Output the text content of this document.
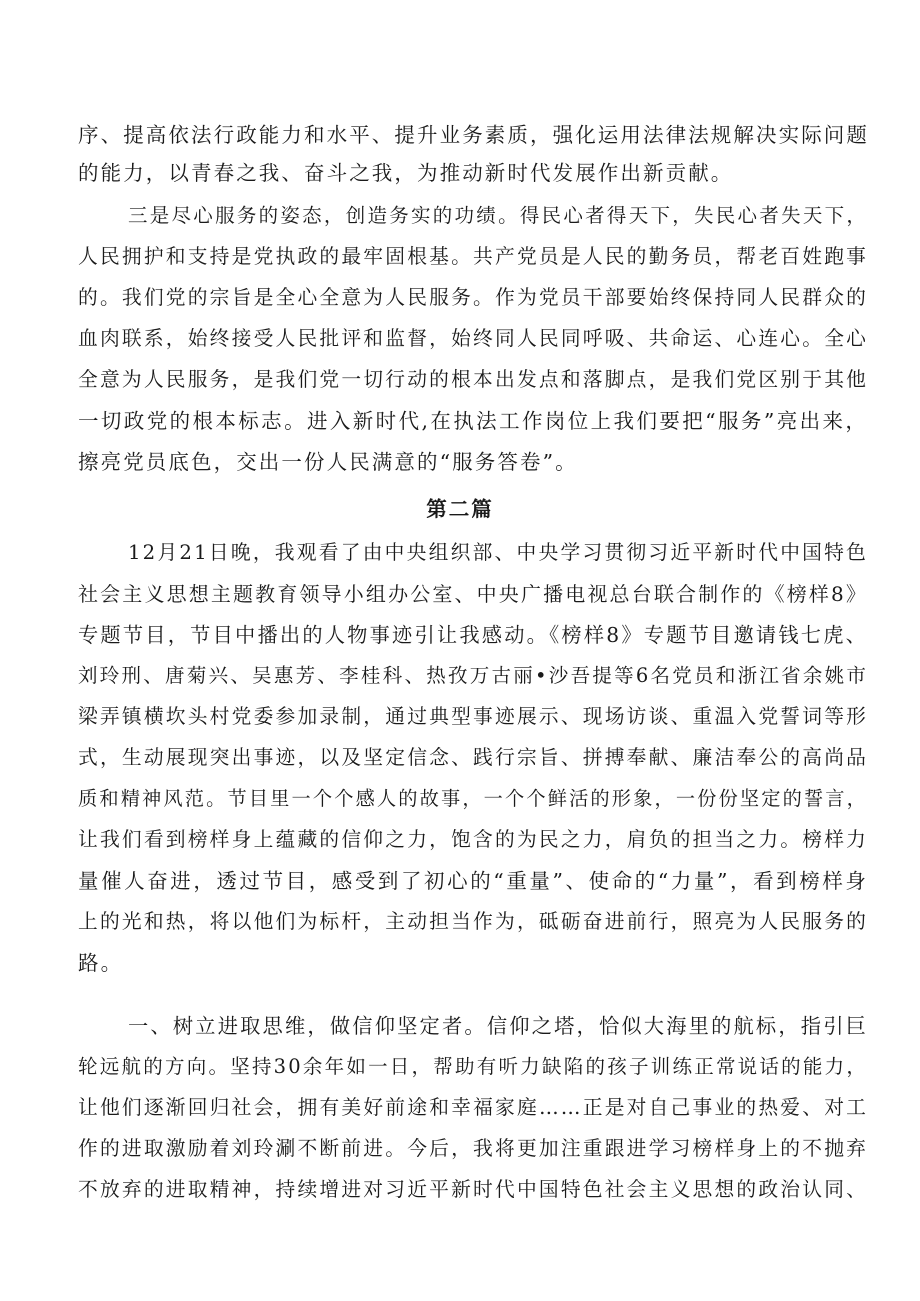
序、提高依法行政能力和水平、提升业务素质，强化运用法律法规解决实际问题
的能力，以青春之我、奋斗之我，为推动新时代发展作出新贡献。
三是尽心服务的姿态，创造务实的功绩。得民心者得天下，失民心者失天下，
人民拥护和支持是党执政的最牢固根基。共产党员是人民的勤务员，帮老百姓跑事
的。我们党的宗旨是全心全意为人民服务。作为党员干部要始终保持同人民群众的
血肉联系，始终接受人民批评和监督，始终同人民同呼吸、共命运、心连心。全心
全意为人民服务，是我们党一切行动的根本出发点和落脚点，是我们党区别于其他
一切政党的根本标志。进入新时代,在执法工作岗位上我们要把“服务”亮出来，
擦亮党员底色，交出一份人民满意的“服务答卷”。
第二篇
12月21日晚，我观看了由中央组织部、中央学习贯彻习近平新时代中国特色
社会主义思想主题教育领导小组办公室、中央广播电视总台联合制作的《榜样8》
专题节目，节目中播出的人物事迹引让我感动。《榜样8》专题节目邀请钱七虎、
刘玲刑、唐菊兴、吴惠芳、李桂科、热孜万古丽•沙吾提等6名党员和浙江省余姚市
梁弄镇横坎头村党委参加录制，通过典型事迹展示、现场访谈、重温入党誓词等形
式，生动展现突出事迹，以及坚定信念、践行宗旨、拼搏奉献、廉洁奉公的高尚品
质和精神风范。节目里一个个感人的故事，一个个鲜活的形象，一份份坚定的誓言，
让我们看到榜样身上蕴藏的信仰之力，饱含的为民之力，肩负的担当之力。榜样力
量催人奋进，透过节目，感受到了初心的“重量”、使命的“力量”，看到榜样身
上的光和热，将以他们为标杆，主动担当作为，砥砺奋进前行，照亮为人民服务的
路。
一、树立进取思维，做信仰坚定者。信仰之塔，恰似大海里的航标，指引巨
轮远航的方向。坚持30余年如一日，帮助有听力缺陷的孩子训练正常说话的能力，
让他们逐渐回归社会，拥有美好前途和幸福家庭……正是对自己事业的热爱、对工
作的进取激励着刘玲涮不断前进。今后，我将更加注重跟进学习榜样身上的不抛弃
不放弃的进取精神，持续增进对习近平新时代中国特色社会主义思想的政治认同、
